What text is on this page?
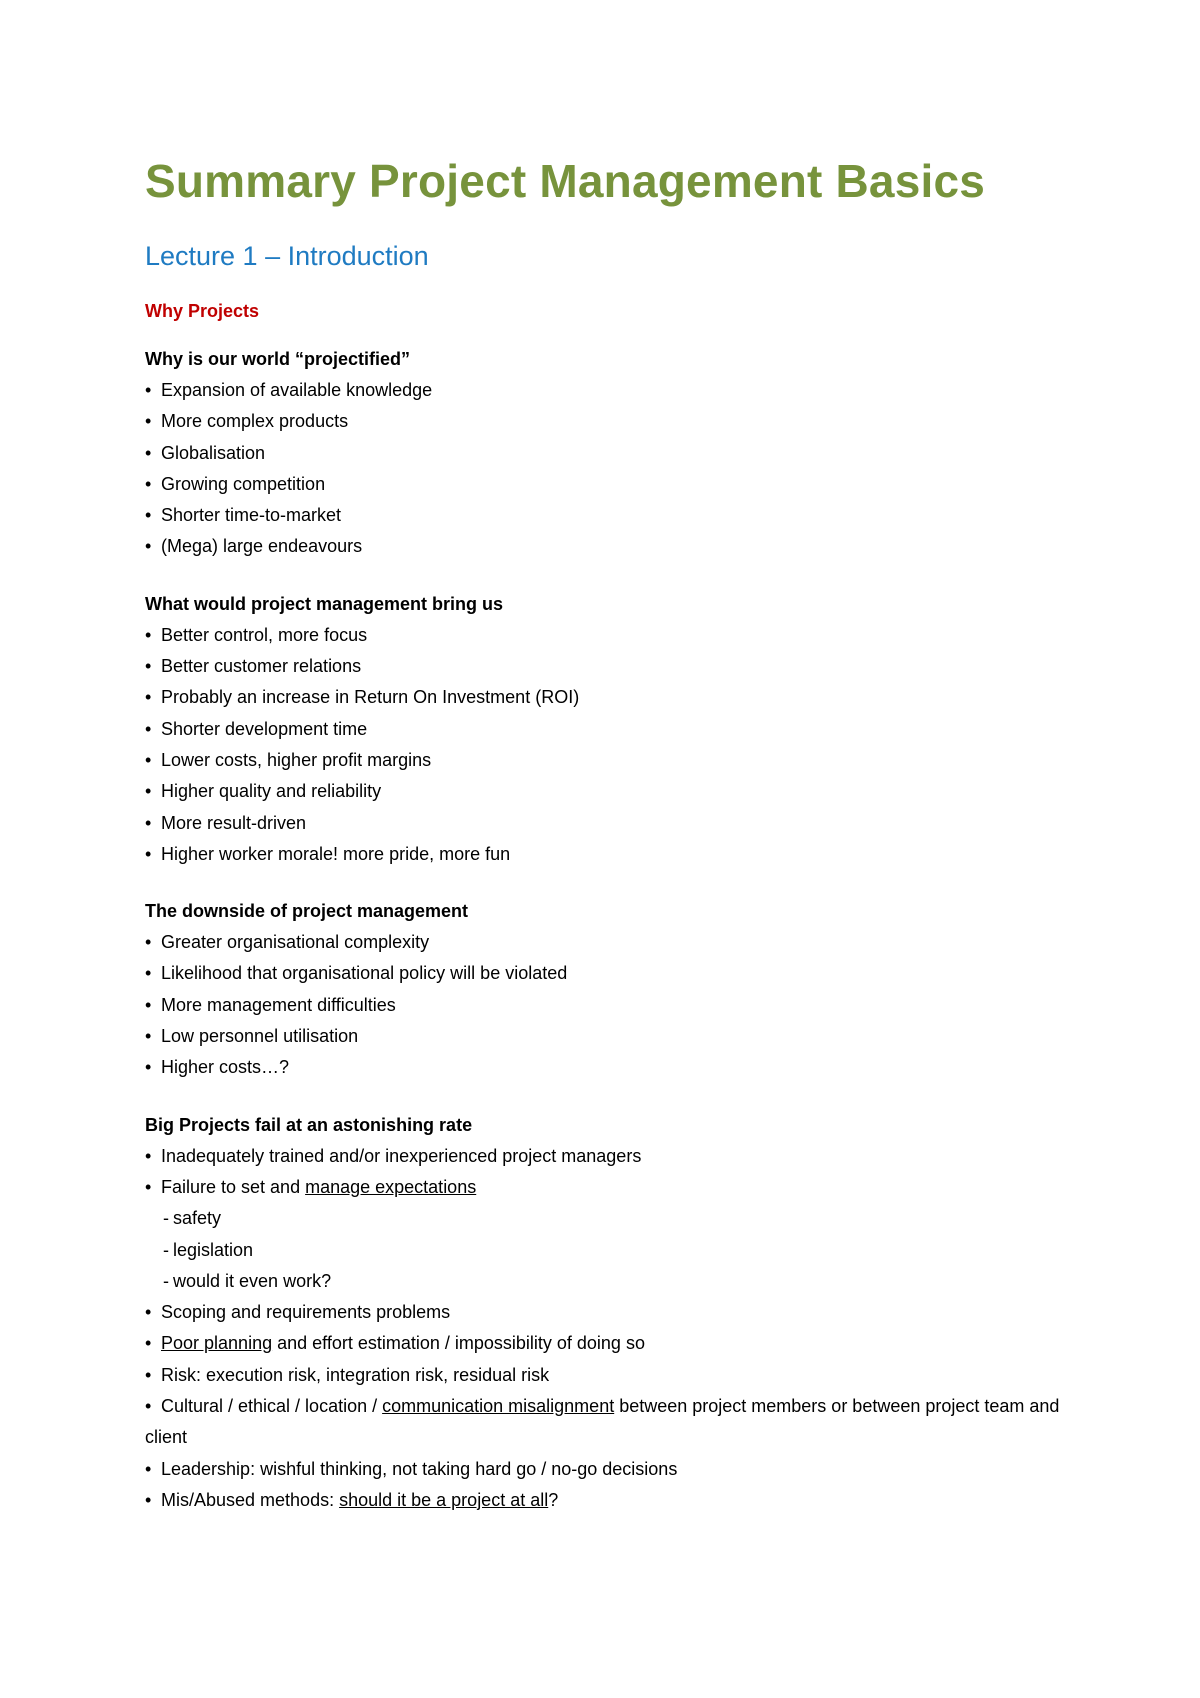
Summary Project Management Basics
Lecture 1 – Introduction
Why Projects

Why is our world “projectified”

• Expansion of available knowledge
• More complex products
• Globalisation
• Growing competition
• Shorter time-to-market
• (Mega) large endeavours

What would project management bring us

• Better control, more focus
• Better customer relations
• Probably an increase in Return On Investment (ROI)
• Shorter development time
• Lower costs, higher profit margins
• Higher quality and reliability
• More result-driven
• Higher worker morale! more pride, more fun

The downside of project management

• Greater organisational complexity
• Likelihood that organisational policy will be violated
• More management difficulties
• Low personnel utilisation
• Higher costs…?

Big Projects fail at an astonishing rate

• Inadequately trained and/or inexperienced project managers
• Failure to set and manage expectations
- safety
- legislation
- would it even work?
• Scoping and requirements problems
• Poor planning and effort estimation / impossibility of doing so
• Risk: execution risk, integration risk, residual risk
• Cultural / ethical / location / communication misalignment between project members or between project team and client
• Leadership: wishful thinking, not taking hard go / no-go decisions
• Mis/Abused methods: should it be a project at all?
